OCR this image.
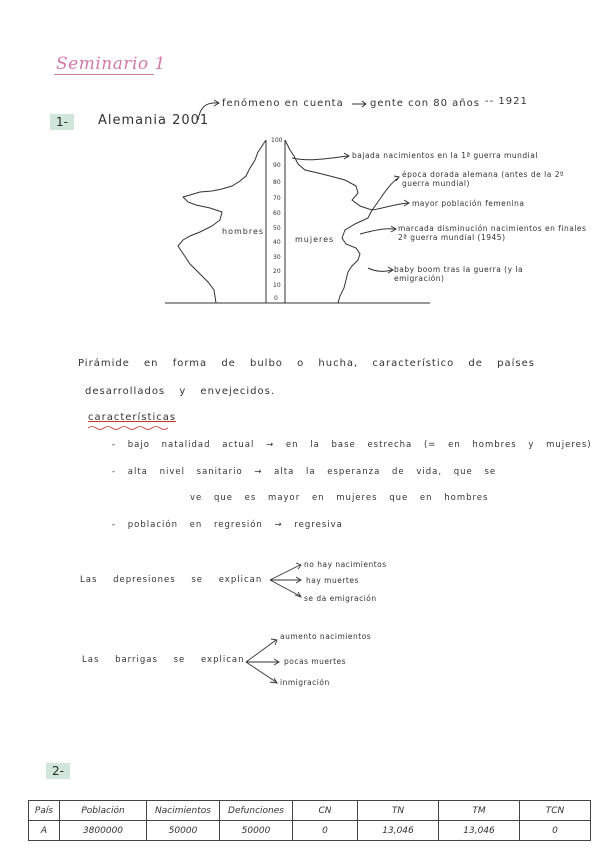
Seminario 1
1-	Alemania 2001
fenómeno en cuenta	gente con 80 años -- 1921
100
90
80
70
60
50
40
30
20
10
0
hombres
mujeres
bajada nacimientos en la 1ª guerra mundial
época dorada alemana (antes de la 2º guerra mundial)
mayor población femenina
marcada disminución nacimientos en finales 2ª guerra mundial (1945)
baby boom tras la guerra (y la emigración)
Pirámide en forma de bulbo o hucha, característico de países
desarrollados y envejecidos.
características
- bajo natalidad actual → en la base estrecha (= en hombres y mujeres)
- alta nivel sanitario → alta la esperanza de vida, que se
ve que es mayor en mujeres que en hombres
- población en regresión → regresiva
Las depresiones se explican
no hay nacimientos
hay muertes
se da emigración
Las barrigas se explican
aumento nacimientos
pocas muertes
inmigración
2-
País	Población	Nacimientos	Defunciones	CN	TN	TM	TCN
A	3800000	50000	50000	0	13,046	13,046	0
